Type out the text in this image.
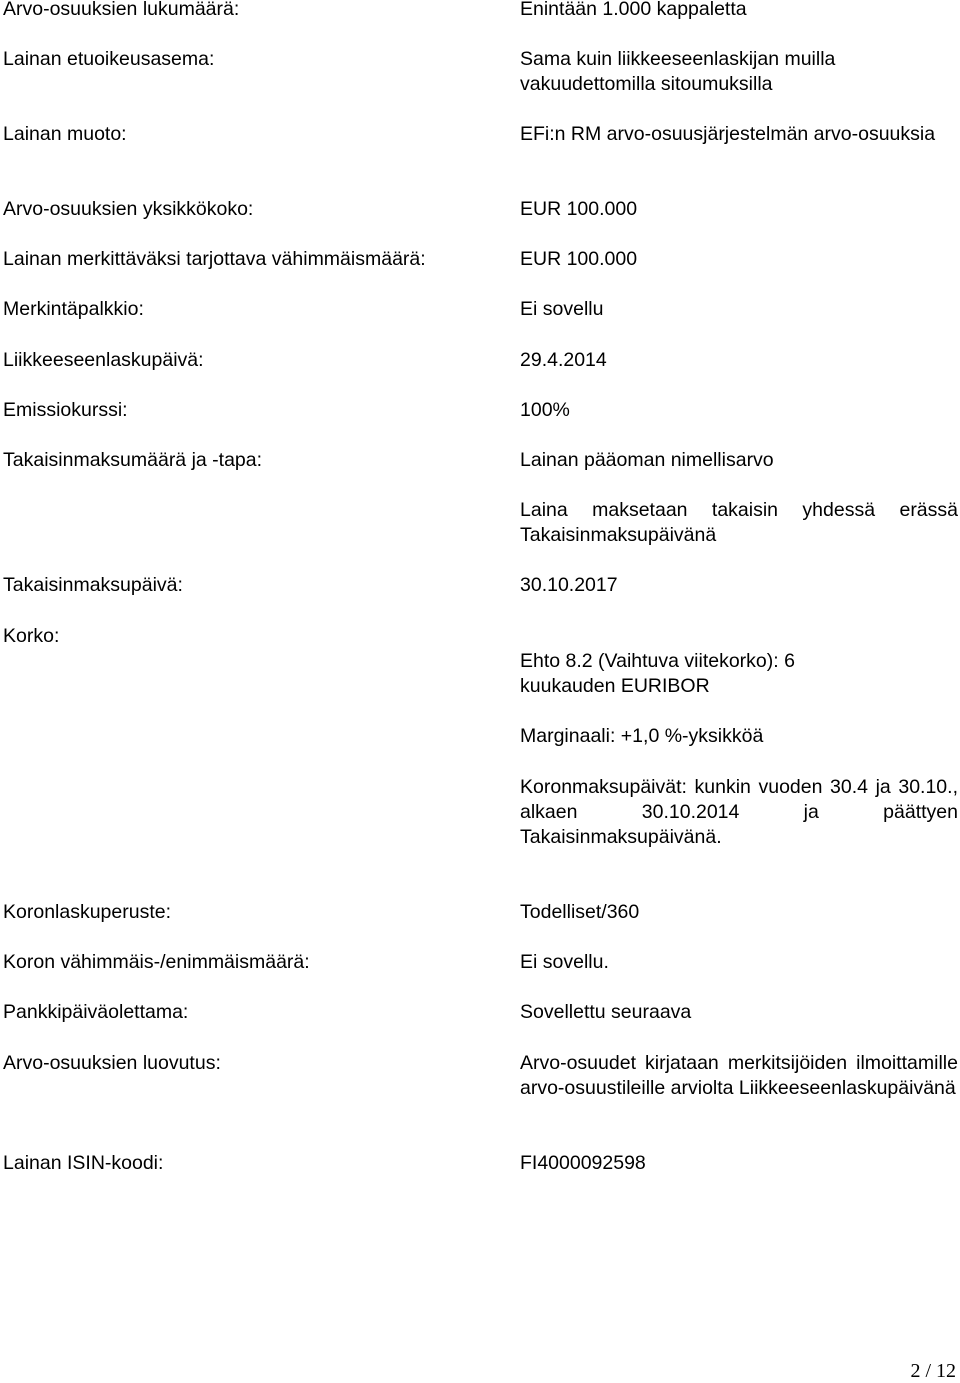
Arvo-osuuksien lukumäärä:	Enintään 1.000 kappaletta

Lainan etuoikeusasema:	Sama kuin liikkeeseenlaskijan muilla vakuudettomilla sitoumuksilla

Lainan muoto:	EFi:n RM arvo-osuusjärjestelmän arvo-osuuksia

Arvo-osuuksien yksikkökoko:	EUR 100.000

Lainan merkittäväksi tarjottava vähimmäismäärä:	EUR 100.000

Merkintäpalkkio:	Ei sovellu

Liikkeeseenlaskupäivä:	29.4.2014

Emissiokurssi:	100%

Takaisinmaksumäärä ja -tapa:	Lainan pääoman nimellisarvo

Laina maksetaan takaisin yhdessä erässä Takaisinmaksupäivänä

Takaisinmaksupäivä:	30.10.2017

Korko:

Ehto 8.2 (Vaihtuva viitekorko): 6 kuukauden EURIBOR

Marginaali: +1,0 %-yksikköä

Koronmaksupäivät: kunkin vuoden 30.4 ja 30.10., alkaen 30.10.2014 ja päättyen Takaisinmaksupäivänä.

Koronlaskuperuste:	Todelliset/360

Koron vähimmäis-/enimmäismäärä:	Ei sovellu.

Pankkipäiväolettama:	Sovellettu seuraava

Arvo-osuuksien luovutus:	Arvo-osuudet kirjataan merkitsijöiden ilmoittamille arvo-osuustileille arviolta Liikkeeseenlaskupäivänä

Lainan ISIN-koodi:	FI4000092598

2 / 12
